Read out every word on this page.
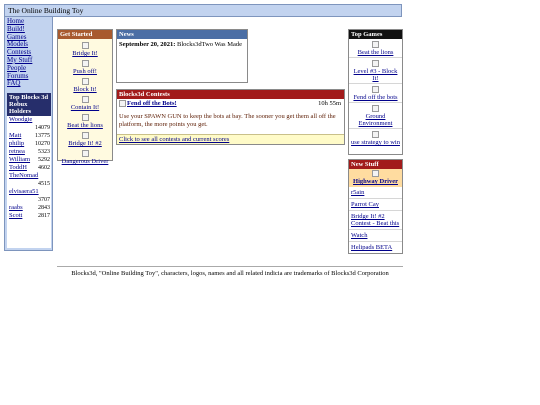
The Online Building Toy
Home
Build!
Games
Models
Contests
My Stuff
People
Forums
FAQ
Top Blocks 3d Robux Holders
Woodgie
14079
Matt 13775
philip 10270
retnea 5323
William 5292
ToddH 4602
TheNomad
4515
elvisaera51
3707
raabs	2843
Scott	2817
Get Started
Bridge It!
Push off!
Block It!
Contain It!
Beat the lions
Bridge It! #2
Dangerous Driver
News
September 20, 2021: Blocks3dTwo Was Made
Blocks3d Contests
Fend off the Bots!	10h 55m
Use your SPAWN GUN to keep the bots at bay. The sooner you get them all off the platform, the more points you get.
Click to see all contests and current scores
Top Games
Beat the lions
Level #3 - Block It!
Fend off the bots
Ground Environment
use strategy to win
New Stuff
Highway Driver
r5ain
Parrot Cay
Bridge It! #2 Contest - Beat this
Watch
Helipads BETA
Blocks3d, "Online Building Toy", characters, logos, names and all related indicia are trademarks of Blocks3d Corporation
